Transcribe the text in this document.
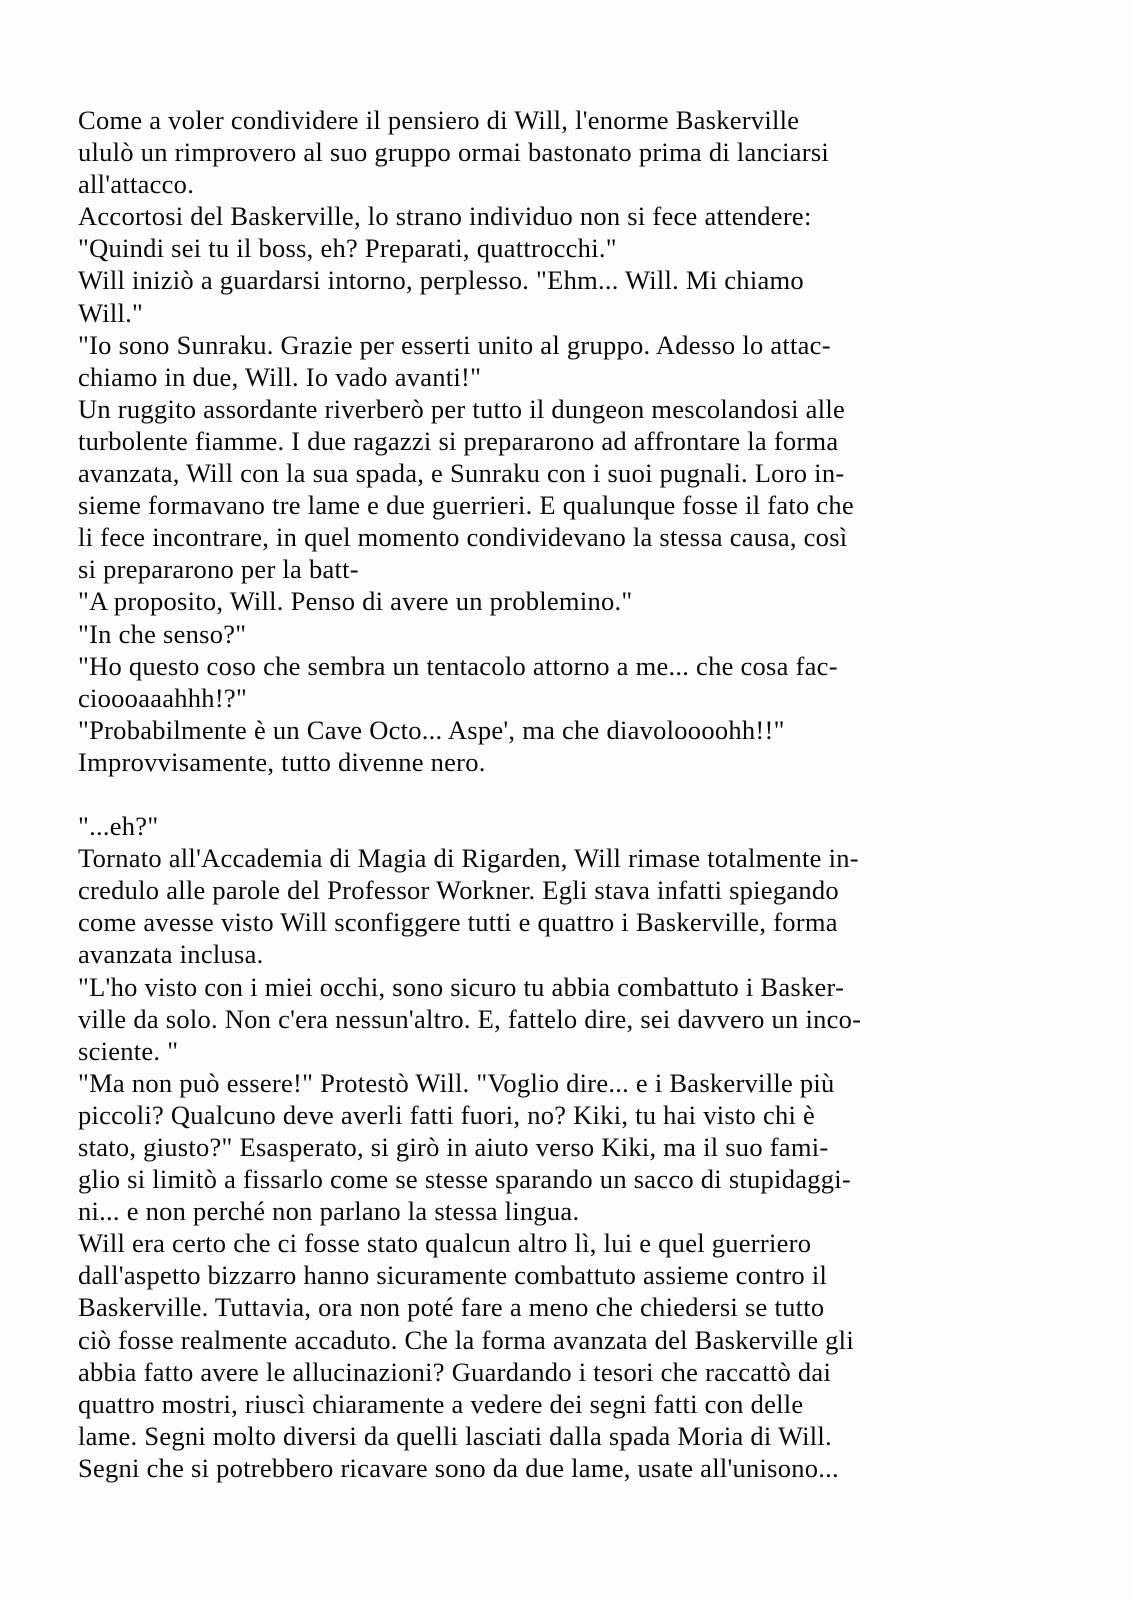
Come a voler condividere il pensiero di Will, l'enorme Baskerville
ululò un rimprovero al suo gruppo ormai bastonato prima di lanciarsi
all'attacco.
Accortosi del Baskerville, lo strano individuo non si fece attendere:
"Quindi sei tu il boss, eh? Preparati, quattrocchi."
Will iniziò a guardarsi intorno, perplesso. "Ehm... Will. Mi chiamo
Will."
"Io sono Sunraku. Grazie per esserti unito al gruppo. Adesso lo attac-
chiamo in due, Will. Io vado avanti!"
Un ruggito assordante riverberò per tutto il dungeon mescolandosi alle
turbolente fiamme. I due ragazzi si prepararono ad affrontare la forma
avanzata, Will con la sua spada, e Sunraku con i suoi pugnali. Loro in-
sieme formavano tre lame e due guerrieri. E qualunque fosse il fato che
li fece incontrare, in quel momento condividevano la stessa causa, così
si prepararono per la batt-
"A proposito, Will. Penso di avere un problemino."
"In che senso?"
"Ho questo coso che sembra un tentacolo attorno a me... che cosa fac-
cioooaaahhh!?"
"Probabilmente è un Cave Octo... Aspe', ma che diavoloooohh!!"
Improvvisamente, tutto divenne nero.

"...eh?"
Tornato all'Accademia di Magia di Rigarden, Will rimase totalmente in-
credulo alle parole del Professor Workner. Egli stava infatti spiegando
come avesse visto Will sconfiggere tutti e quattro i Baskerville, forma
avanzata inclusa.
"L'ho visto con i miei occhi, sono sicuro tu abbia combattuto i Basker-
ville da solo. Non c'era nessun'altro. E, fattelo dire, sei davvero un inco-
sciente. "
"Ma non può essere!" Protestò Will. "Voglio dire... e i Baskerville più
piccoli? Qualcuno deve averli fatti fuori, no? Kiki, tu hai visto chi è
stato, giusto?" Esasperato, si girò in aiuto verso Kiki, ma il suo fami-
glio si limitò a fissarlo come se stesse sparando un sacco di stupidaggi-
ni... e non perché non parlano la stessa lingua.
Will era certo che ci fosse stato qualcun altro lì, lui e quel guerriero
dall'aspetto bizzarro hanno sicuramente combattuto assieme contro il
Baskerville. Tuttavia, ora non poté fare a meno che chiedersi se tutto
ciò fosse realmente accaduto. Che la forma avanzata del Baskerville gli
abbia fatto avere le allucinazioni? Guardando i tesori che raccattò dai
quattro mostri, riuscì chiaramente a vedere dei segni fatti con delle
lame. Segni molto diversi da quelli lasciati dalla spada Moria di Will.
Segni che si potrebbero ricavare sono da due lame, usate all'unisono...
